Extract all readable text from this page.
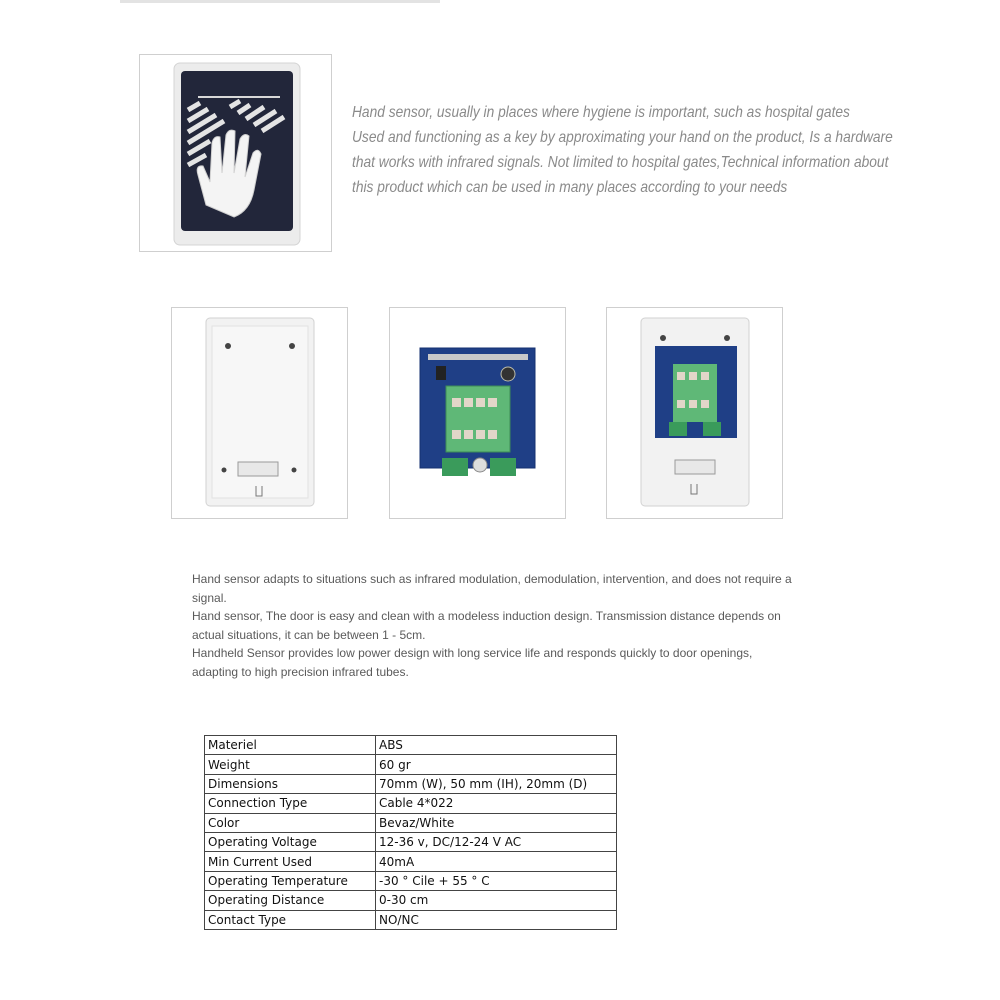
Hand sensor, usually in places where hygiene is important, such as hospital gates

Used and functioning as a key by approximating your hand on the product, Is a hardware

that works with infrared signals. Not limited to hospital gates,Technical information about

this product which can be used in many places according to your needs

Hand sensor adapts to situations such as infrared modulation, demodulation, intervention, and does not require a signal.

Hand sensor, The door is easy and clean with a modeless induction design. Transmission distance depends on actual situations, it can be between 1 - 5cm.

Handheld Sensor provides low power design with long service life and responds quickly to door openings, adapting to high precision infrared tubes.

Materiel	ABS
Weight	60 gr
Dimensions	70mm (W), 50 mm (IH), 20mm (D)
Connection Type	Cable 4*022
Color	Bevaz/White
Operating Voltage	12-36 v, DC/12-24 V AC
Min Current Used	40mA
Operating Temperature	-30 ° Cile + 55 ° C
Operating Distance	0-30 cm
Contact Type	NO/NC
